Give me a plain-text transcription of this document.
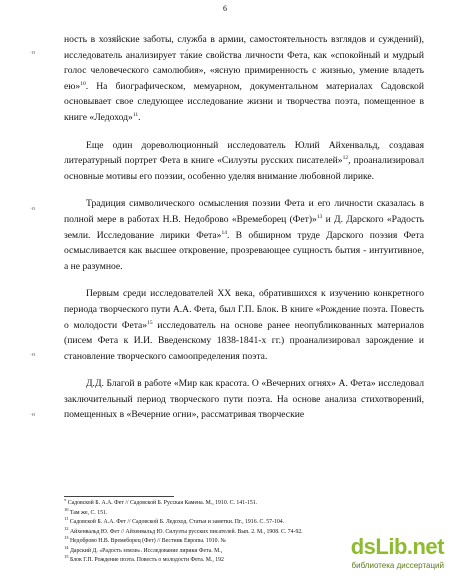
6
·o
·o
·o
·o

ность в хозяйские заботы, служба в армии, самостоятельность взглядов и суждений), исследователь анализирует та́кие свойства личности Фета, как «спокойный и мудрый голос человеческого самолюбия», «ясную примиренность с жизнью, умение владеть ею»$^{10}$. На биографическом, мемуарном, документальном материалах Садовской основывает свое следующее исследование жизни и творчества поэта, помещенное в книге «Ледоход»$^{11}$.

Еще один дореволюционный исследователь Юлий Айхенвальд, создавая литературный портрет Фета в книге «Силуэты русских писателей»$^{12}$, проанализировал основные мотивы его поэзии, особенно уделяя внимание любовной лирике.

Традиция символического осмысления поэзии Фета и его личности сказалась в полной мере в работах Н.В. Недоброво «Времеборец (Фет)»$^{13}$ и Д. Дарского «Радость земли. Исследование лирики Фета»$^{14}$. В обширном труде Дарского поэзия Фета осмысливается как высшее откровение, прозревающее сущность бытия - интуитивное, а не разумное.

Первым среди исследователей XX века, обратившихся к изучению конкретного периода творческого пути А.А. Фета, был Г.П. Блок. В книге «Рождение поэта. Повесть о молодости Фета»$^{15}$ исследователь на основе ранее неопубликованных материалов (писем Фета к И.И. Введенскому 1838-1841-х гг.) проанализировал зарождение и становление творческого самоопределения поэта.

Д.Д. Благой в работе «Мир как красота. О «Вечерних огнях» А. Фета» исследовал заключительный период творческого пути поэта. На основе анализа стихотворений, помещенных в «Вечерние огни», рассматривая творческие

$^9$ Садовской Б. А.А. Фет // Садовской Б. Русская Камена. М., 1910. С. 141-151.
$^{10}$ Там же, С. 151.
$^{11}$ Садовской Б. А.А. Фет // Садовской Б. Ледоход. Статьи и заметки. Пг., 1916. С. 57-104.
$^{12}$ Айхенвальд Ю. Фет // Айхенвальд Ю. Силуэты русских писателей. Вып. 2. М., 1908. С. 74-92.
$^{13}$ Недоброво Н.В. Времеборец (Фет) // Вестник Европы. 1910. №
$^{14}$ Дарский Д. «Радость земли». Исследование лирики Фета. М.,
$^{15}$ Блок Г.П. Рождение поэта. Повесть о молодости Фета. М., 192
dsLib.net
библиотека диссертаций
